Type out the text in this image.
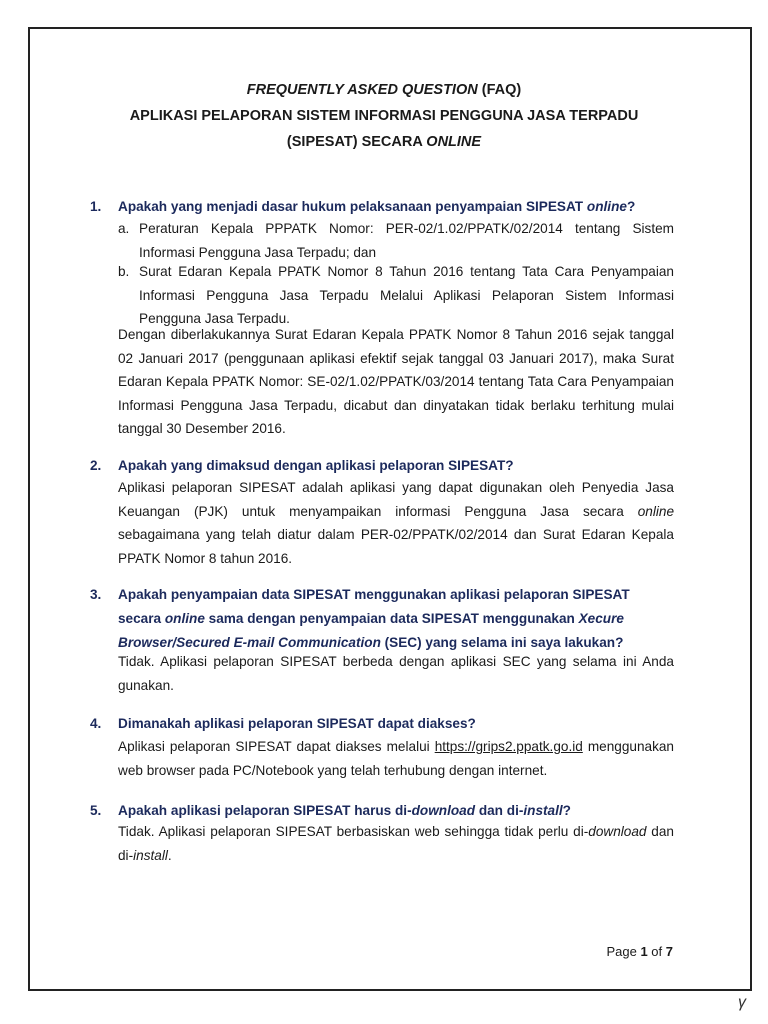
FREQUENTLY ASKED QUESTION (FAQ)
APLIKASI PELAPORAN SISTEM INFORMASI PENGGUNA JASA TERPADU
(SIPESAT) SECARA ONLINE
1.	Apakah yang menjadi dasar hukum pelaksanaan penyampaian SIPESAT online?
a. Peraturan Kepala PPPATK Nomor: PER-02/1.02/PPATK/02/2014 tentang Sistem Informasi Pengguna Jasa Terpadu; dan
b. Surat Edaran Kepala PPATK Nomor 8 Tahun 2016 tentang Tata Cara Penyampaian Informasi Pengguna Jasa Terpadu Melalui Aplikasi Pelaporan Sistem Informasi Pengguna Jasa Terpadu.
Dengan diberlakukannya Surat Edaran Kepala PPATK Nomor 8 Tahun 2016 sejak tanggal 02 Januari 2017 (penggunaan aplikasi efektif sejak tanggal 03 Januari 2017), maka Surat Edaran Kepala PPATK Nomor: SE-02/1.02/PPATK/03/2014 tentang Tata Cara Penyampaian Informasi Pengguna Jasa Terpadu, dicabut dan dinyatakan tidak berlaku terhitung mulai tanggal 30 Desember 2016.
2.	Apakah yang dimaksud dengan aplikasi pelaporan SIPESAT?
Aplikasi pelaporan SIPESAT adalah aplikasi yang dapat digunakan oleh Penyedia Jasa Keuangan (PJK) untuk menyampaikan informasi Pengguna Jasa secara online sebagaimana yang telah diatur dalam PER-02/PPATK/02/2014 dan Surat Edaran Kepala PPATK Nomor 8 tahun 2016.
3.	Apakah penyampaian data SIPESAT menggunakan aplikasi pelaporan SIPESAT
secara online sama dengan penyampaian data SIPESAT menggunakan Xecure
Browser/Secured E-mail Communication (SEC) yang selama ini saya lakukan?
Tidak. Aplikasi pelaporan SIPESAT berbeda dengan aplikasi SEC yang selama ini Anda gunakan.
4.	Dimanakah aplikasi pelaporan SIPESAT dapat diakses?
Aplikasi pelaporan SIPESAT dapat diakses melalui https://grips2.ppatk.go.id menggunakan web browser pada PC/Notebook yang telah terhubung dengan internet.
5.	Apakah aplikasi pelaporan SIPESAT harus di-download dan di-install?
Tidak. Aplikasi pelaporan SIPESAT berbasiskan web sehingga tidak perlu di-download dan di-install.
Page 1 of 7
γ
